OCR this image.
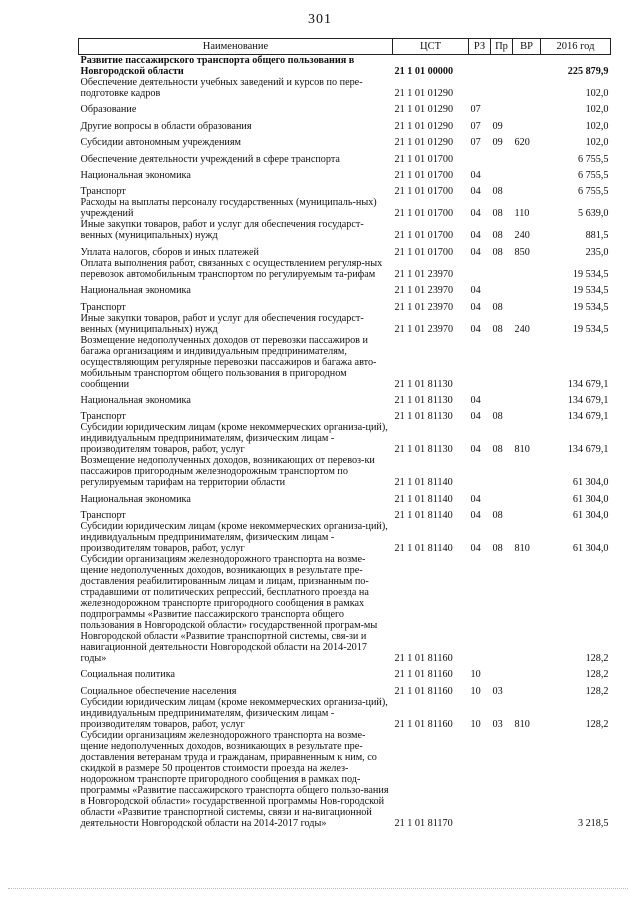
301
Наименование	ЦСТ	РЗ	Пр	ВР	2016 год
Развитие пассажирского транспорта общего пользования в Новгородской области	21 1 01 00000				225 879,9
Обеспечение деятельности учебных заведений и курсов по пере-подготовке кадров	21 1 01 01290				102,0
Образование	21 1 01 01290	07			102,0
Другие вопросы в области образования	21 1 01 01290	07	09		102,0
Субсидии автономным учреждениям	21 1 01 01290	07	09	620	102,0
Обеспечение деятельности учреждений в сфере транспорта	21 1 01 01700				6 755,5
Национальная экономика	21 1 01 01700	04			6 755,5
Транспорт	21 1 01 01700	04	08		6 755,5
Расходы на выплаты персоналу государственных (муниципаль-ных) учреждений	21 1 01 01700	04	08	110	5 639,0
Иные закупки товаров, работ и услуг для обеспечения государст-венных (муниципальных) нужд	21 1 01 01700	04	08	240	881,5
Уплата налогов, сборов и иных платежей	21 1 01 01700	04	08	850	235,0
Оплата выполнения работ, связанных с осуществлением регуляр-ных перевозок автомобильным транспортом по регулируемым та-рифам	21 1 01 23970				19 534,5
Национальная экономика	21 1 01 23970	04			19 534,5
Транспорт	21 1 01 23970	04	08		19 534,5
Иные закупки товаров, работ и услуг для обеспечения государст-венных (муниципальных) нужд	21 1 01 23970	04	08	240	19 534,5
Возмещение недополученных доходов от перевозки пассажиров и багажа организациям и индивидуальным предпринимателям, осуществляющим регулярные перевозки пассажиров и багажа авто-мобильным транспортом общего пользования в пригородном сообщении	21 1 01 81130				134 679,1
Национальная экономика	21 1 01 81130	04			134 679,1
Транспорт	21 1 01 81130	04	08		134 679,1
Субсидии юридическим лицам (кроме некоммерческих организа-ций), индивидуальным предпринимателям, физическим лицам - производителям товаров, работ, услуг	21 1 01 81130	04	08	810	134 679,1
Возмещение недополученных доходов, возникающих от перевоз-ки пассажиров пригородным железнодорожным транспортом по регулируемым тарифам на территории области	21 1 01 81140				61 304,0
Национальная экономика	21 1 01 81140	04			61 304,0
Транспорт	21 1 01 81140	04	08		61 304,0
Субсидии юридическим лицам (кроме некоммерческих организа-ций), индивидуальным предпринимателям, физическим лицам - производителям товаров, работ, услуг	21 1 01 81140	04	08	810	61 304,0
Субсидии организациям железнодорожного транспорта на возме-щение недополученных доходов, возникающих в результате пре-доставления реабилитированным лицам и лицам, признанным по-страдавшими от политических репрессий, бесплатного проезда на железнодорожном транспорте пригородного сообщения в рамках подпрограммы «Развитие пассажирского транспорта общего пользования в Новгородской области» государственной програм-мы Новгородской области «Развитие транспортной системы, свя-зи и навигационной деятельности Новгородской области на 2014-2017 годы»	21 1 01 81160				128,2
Социальная политика	21 1 01 81160	10			128,2
Социальное обеспечение населения	21 1 01 81160	10	03		128,2
Субсидии юридическим лицам (кроме некоммерческих организа-ций), индивидуальным предпринимателям, физическим лицам - производителям товаров, работ, услуг	21 1 01 81160	10	03	810	128,2
Субсидии организациям железнодорожного транспорта на возме-щение недополученных доходов, возникающих в результате пре-доставления ветеранам труда и гражданам, приравненным к ним, со скидкой в размере 50 процентов стоимости проезда на желез-нодорожном транспорте пригородного сообщения в рамках под-программы «Развитие пассажирского транспорта общего пользо-вания в Новгородской области» государственной программы Нов-городской области «Развитие транспортной системы, связи и на-вигационной деятельности Новгородской области на 2014-2017 годы»	21 1 01 81170				3 218,5
